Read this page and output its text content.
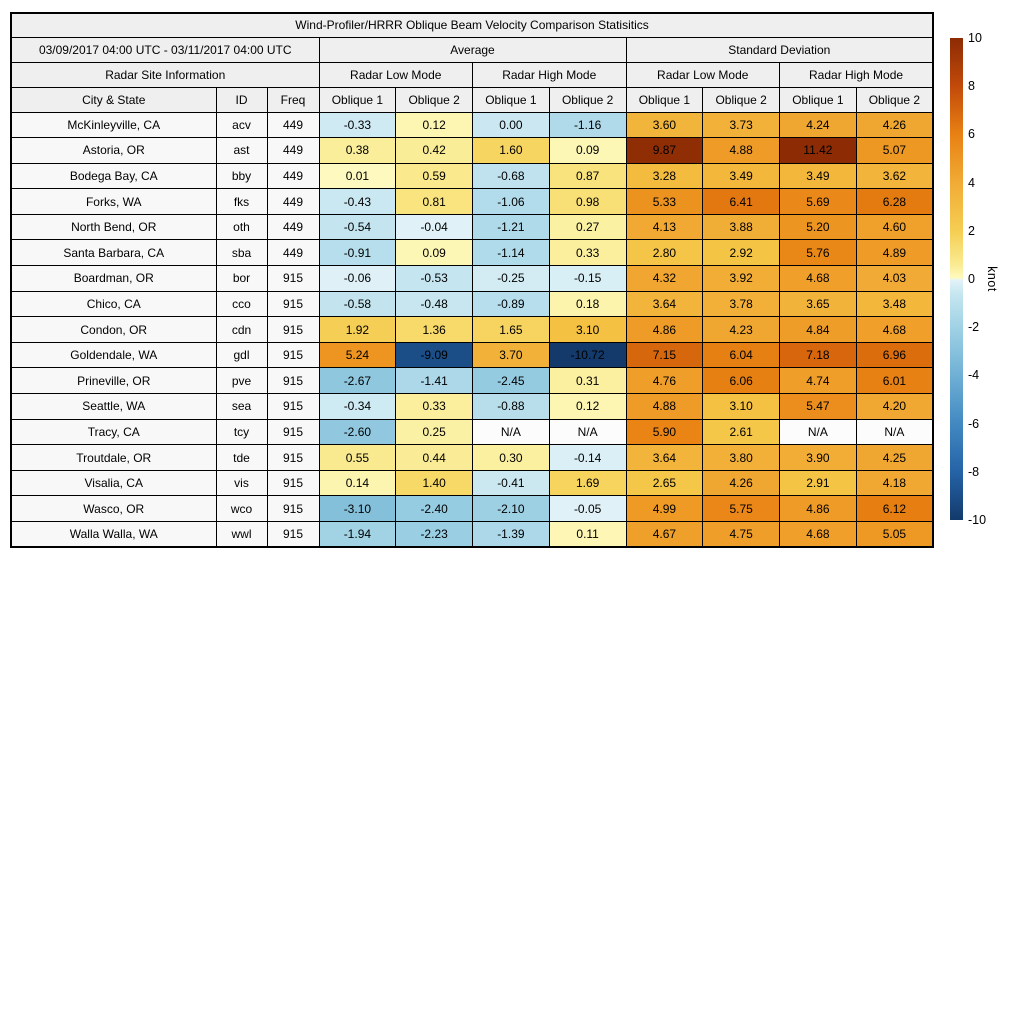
Wind-Profiler/HRRR Oblique Beam Velocity Comparison Statisitics										
03/09/2017 04:00 UTC - 03/11/2017 04:00 UTC			Average				Standard Deviation			
Radar Site Information			Radar Low Mode		Radar High Mode		Radar Low Mode		Radar High Mode	
City & State	ID	Freq	Oblique 1	Oblique 2	Oblique 1	Oblique 2	Oblique 1	Oblique 2	Oblique 1	Oblique 2
McKinleyville, CA	acv	449	-0.33	0.12	0.00	-1.16	3.60	3.73	4.24	4.26
Astoria, OR	ast	449	0.38	0.42	1.60	0.09	9.87	4.88	11.42	5.07
Bodega Bay, CA	bby	449	0.01	0.59	-0.68	0.87	3.28	3.49	3.49	3.62
Forks, WA	fks	449	-0.43	0.81	-1.06	0.98	5.33	6.41	5.69	6.28
North Bend, OR	oth	449	-0.54	-0.04	-1.21	0.27	4.13	3.88	5.20	4.60
Santa Barbara, CA	sba	449	-0.91	0.09	-1.14	0.33	2.80	2.92	5.76	4.89
Boardman, OR	bor	915	-0.06	-0.53	-0.25	-0.15	4.32	3.92	4.68	4.03
Chico, CA	cco	915	-0.58	-0.48	-0.89	0.18	3.64	3.78	3.65	3.48
Condon, OR	cdn	915	1.92	1.36	1.65	3.10	4.86	4.23	4.84	4.68
Goldendale, WA	gdl	915	5.24	-9.09	3.70	-10.72	7.15	6.04	7.18	6.96
Prineville, OR	pve	915	-2.67	-1.41	-2.45	0.31	4.76	6.06	4.74	6.01
Seattle, WA	sea	915	-0.34	0.33	-0.88	0.12	4.88	3.10	5.47	4.20
Tracy, CA	tcy	915	-2.60	0.25	N/A	N/A	5.90	2.61	N/A	N/A
Troutdale, OR	tde	915	0.55	0.44	0.30	-0.14	3.64	3.80	3.90	4.25
Visalia, CA	vis	915	0.14	1.40	-0.41	1.69	2.65	4.26	2.91	4.18
Wasco, OR	wco	915	-3.10	-2.40	-2.10	-0.05	4.99	5.75	4.86	6.12
Walla Walla, WA	wwl	915	-1.94	-2.23	-1.39	0.11	4.67	4.75	4.68	5.05
10
8
6
4
2
0
-2
-4
-6
-8
-10
knot
